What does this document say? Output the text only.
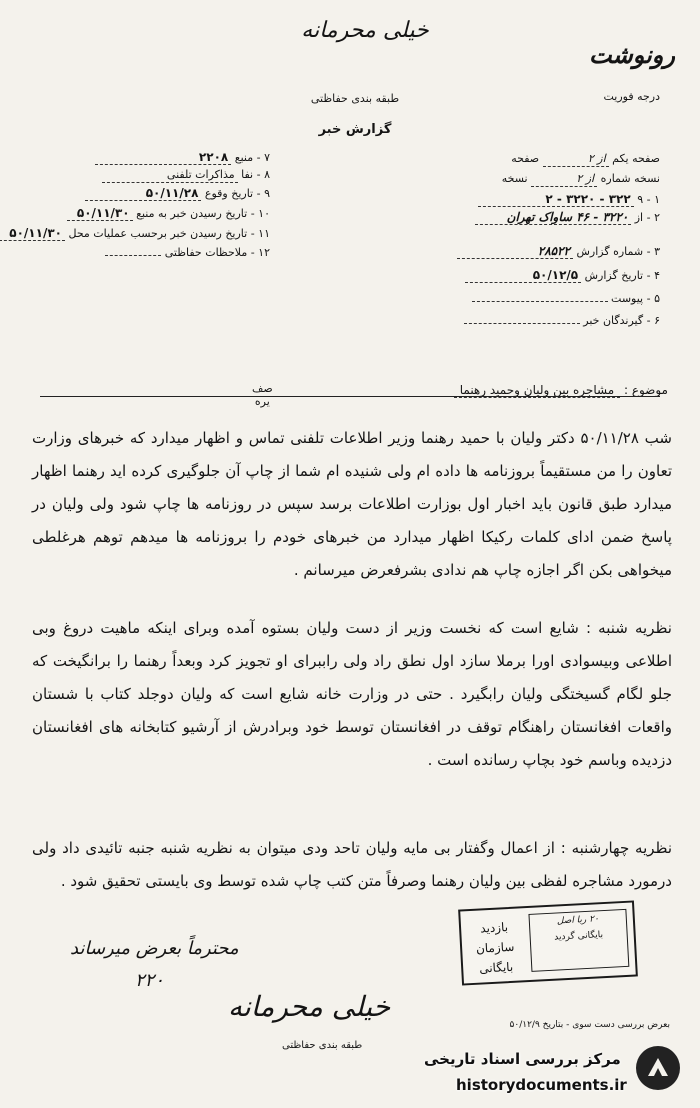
خیلی محرمانه
رونوشت
درجه فوریت
طبقه بندی حفاظتی
گزارش خبر
صفحه یکم از ۲ صفحه
نسخه شماره از ۲ نسخه
۱ - ۹ ۳۲۲ - ۳۲۲۰ - ۲
۲ - از ۳۲۲۰ - ۴۶ ساواک تهران
۳ - شماره گزارش ۲۸۵۲۲
۴ - تاریخ گزارش ۵۰/۱۲/۵
۵ - پیوست
۶ - گیرندگان خبر
۷ - منبع ۲۲۰۸
۸ - نفا مذاکرات تلفنی
۹ - تاریخ وقوع ۵۰/۱۱/۲۸
۱۰ - تاریخ رسیدن خبر به منبع ۵۰/۱۱/۳۰
۱۱ - تاریخ رسیدن خبر برحسب عملیات محل ۵۰/۱۱/۳۰
۱۲ - ملاحظات حفاظتی
موضوع : مشاجره بین ولیان وحمید رهنما
صف
یره
شب ۵۰/۱۱/۲۸ دکتر ولیان با حمید رهنما وزیر اطلاعات تلفنی تماس و اظهار میدارد که خبرهای وزارت تعاون را من مستقیماً بروزنامه ها داده ام ولی شنیده ام شما از چاپ آن جلوگیری کرده اید رهنما اظهار میدارد طبق قانون باید اخبار اول بوزارت اطلاعات برسد سپس در روزنامه ها چاپ شود ولی ولیان در پاسخ ضمن ادای کلمات رکیکا اظهار میدارد من خبرهای خودم را بروزنامه ها میدهم توهم هرغلطی میخواهی بکن اگر اجازه چاپ هم ندادی بشرفعرض میرسانم .
نظریه شنبه : شایع است که نخست وزیر از دست ولیان بستوه آمده وبرای اینکه ماهیت دروغ وبی اطلاعی وبیسوادی اورا برملا سازد اول نطق راد ولی راببرای او تجویز کرد وبعداً رهنما را برانگیخت که جلو لگام گسیختگی ولیان رابگیرد . حتی در وزارت خانه شایع است که ولیان دوجلد کتاب با شستان واقعات افغانستان راهنگام توقف در افغانستان توسط خود وبرادرش از آرشیو کتابخانه های افغانستان دزدیده وباسم خود بچاپ رسانده است .
نظریه چهارشنبه : از اعمال وگفتار بی مایه ولیان تاحد ودی میتوان به نظریه شنبه جنبه تائیدی داد ولی درمورد مشاجره لفظی بین ولیان رهنما وصرفاً متن کتب چاپ شده توسط وی بایستی تحقیق شود .
محترماً بعرض میرساند
۲۲۰
خیلی محرمانه
طبقه بندی حفاظتی
بعرض بررسی دست سوی - بتاریخ ۵۰/۱۲/۹
۲۰ ربا اصل
بایگانی گردید
بازدید سازمان
بایگانی
مرکز بررسی اسناد تاریخی
historydocuments.ir
